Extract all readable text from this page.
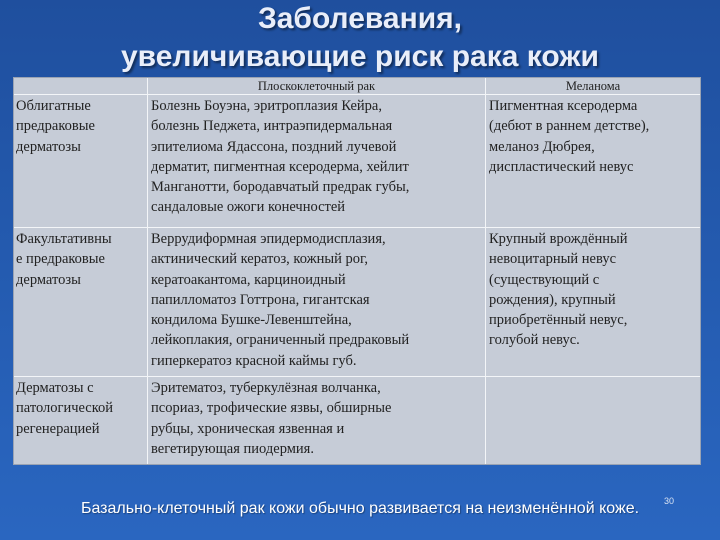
Заболевания,
увеличивающие риск рака кожи
Плоскоклеточный рак	Меланома
Облигатные
предраковые
дерматозы
Болезнь Боуэна, эритроплазия Кейра,
болезнь Педжета, интраэпидермальная
эпителиома Ядассона, поздний лучевой
дерматит, пигментная ксеродерма, хейлит
Манганотти, бородавчатый предрак губы,
сандаловые ожоги конечностей
Пигментная ксеродерма
(дебют в раннем детстве),
меланоз Дюбрея,
диспластический невус
Факультативны
е предраковые
дерматозы
Веррудиформная эпидермодисплазия,
актинический кератоз, кожный рог,
кератоакантома, карциноидный
папилломатоз Готтрона, гигантская
кондилома Бушке-Левенштейна,
лейкоплакия, ограниченный предраковый
гиперкератоз красной каймы губ.
Крупный врождённый
невоцитарный невус
(существующий с
рождения), крупный
приобретённый невус,
голубой невус.
Дерматозы с
патологической
регенерацией
Эритематоз, туберкулёзная волчанка,
псориаз, трофические язвы, обширные
рубцы, хроническая язвенная и
вегетирующая пиодермия.
30
Базально-клеточный рак кожи обычно развивается на неизменённой коже.
